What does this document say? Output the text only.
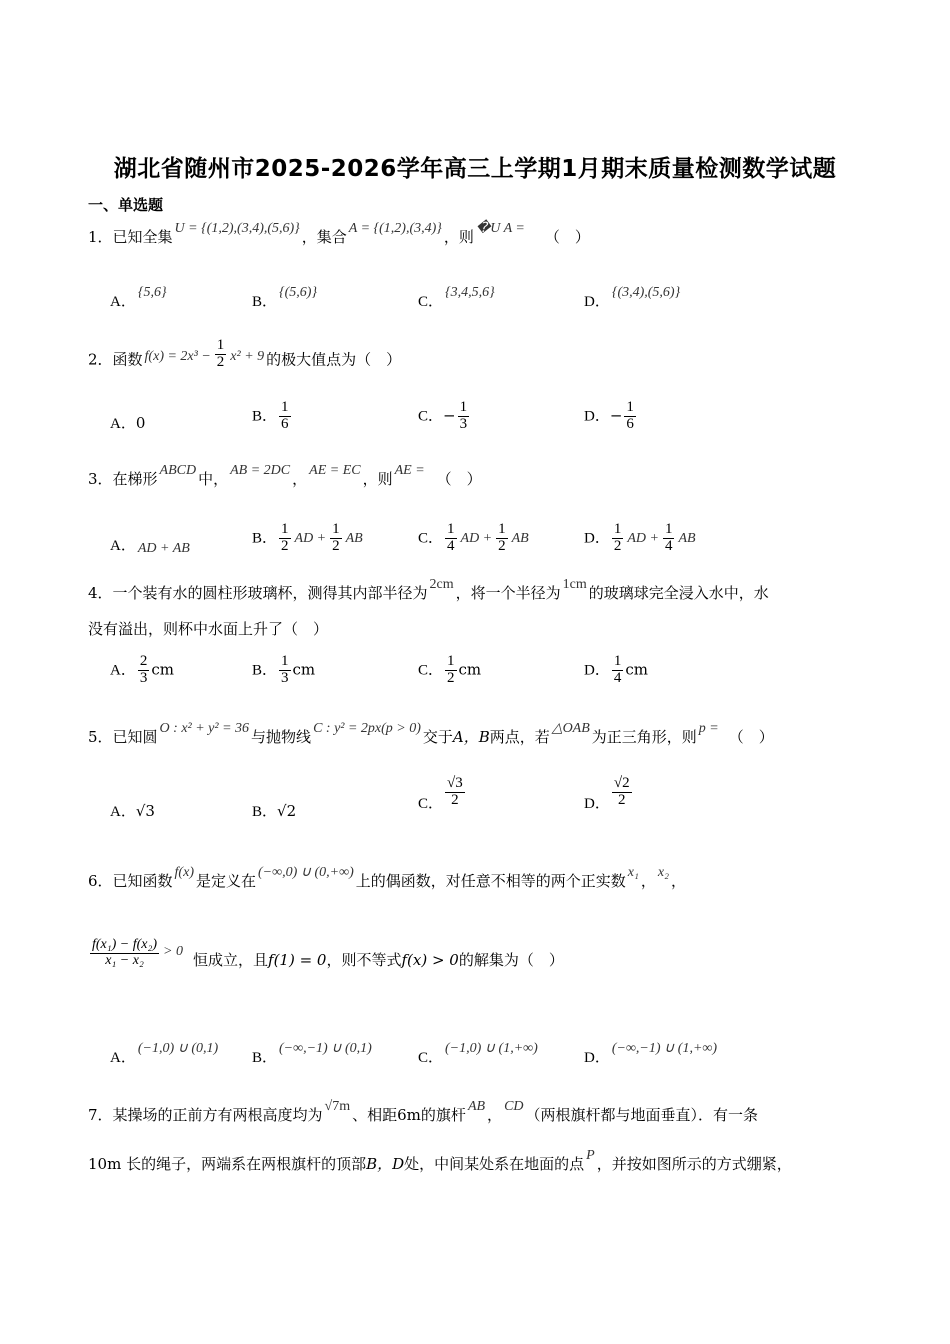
湖北省随州市2025-2026学年高三上学期1月期末质量检测数学试题
一、单选题
1．已知全集 U = {(1,2),(3,4),(5,6)} ，集合 A = {(1,2),(3,4)} ，则 �U A = （　）
A．{5,6}
B．{(5,6)}
C．{3,4,5,6}
D．{(3,4),(5,6)}
2．函数 $f(x) = 2x^3 - \frac{1}{2} x^2 + 9$ 的极大值点为（　）
A．0	B． $\frac{1}{6}$	C．− $\frac{1}{3}$	D．− $\frac{1}{6}$
3．在梯形 ABCD 中， AB = 2DC ， AE = EC ，则 AE = （　）
A． AD + AB
B． $\frac{1}{2}$ AD + $\frac{1}{2}$ AB	C． $\frac{1}{4}$ AD + $\frac{1}{2}$ AB	D． $\frac{1}{2}$ AD + $\frac{1}{4}$ AB
4．一个装有水的圆柱形玻璃杯，测得其内部半径为 2cm ，将一个半径为 1cm 的玻璃球完全浸入水中，水
没有溢出，则杯中水面上升了（　）
A． $\frac{2}{3}$ cm	B． $\frac{1}{3}$ cm	C． $\frac{1}{2}$ cm	D． $\frac{1}{4}$ cm
5．已知圆 O : x² + y² = 36 与抛物线 C : y² = 2px(p > 0) 交于A，B两点，若 △OAB 为正三角形，则 p = （　）
A．√3	B．√2	C． $\frac{√3}{2}$	D． $\frac{√2}{2}$
6．已知函数 f(x) 是定义在 (−∞,0) ∪ (0,+∞) 上的偶函数，对任意不相等的两个正实数 x₁ ， x₂ ，
$\frac{\text{f(x₁) − f(x₂)}}{\text{x₁ − x₂}} > 0$ 恒成立，且f(1) = 0，则不等式f(x) > 0的解集为（　）
A．(−1,0) ∪ (0,1)
B．(−∞,−1) ∪ (0,1)
C．(−1,0) ∪ (1,+∞)
D．(−∞,−1) ∪ (1,+∞)
7．某操场的正前方有两根高度均为 √7m 、相距6m的旗杆 AB ， CD （两根旗杆都与地面垂直）．有一条
10m 长的绳子，两端系在两根旗杆的顶部B，D处，中间某处系在地面的点 P ，并按如图所示的方式绷紧，
